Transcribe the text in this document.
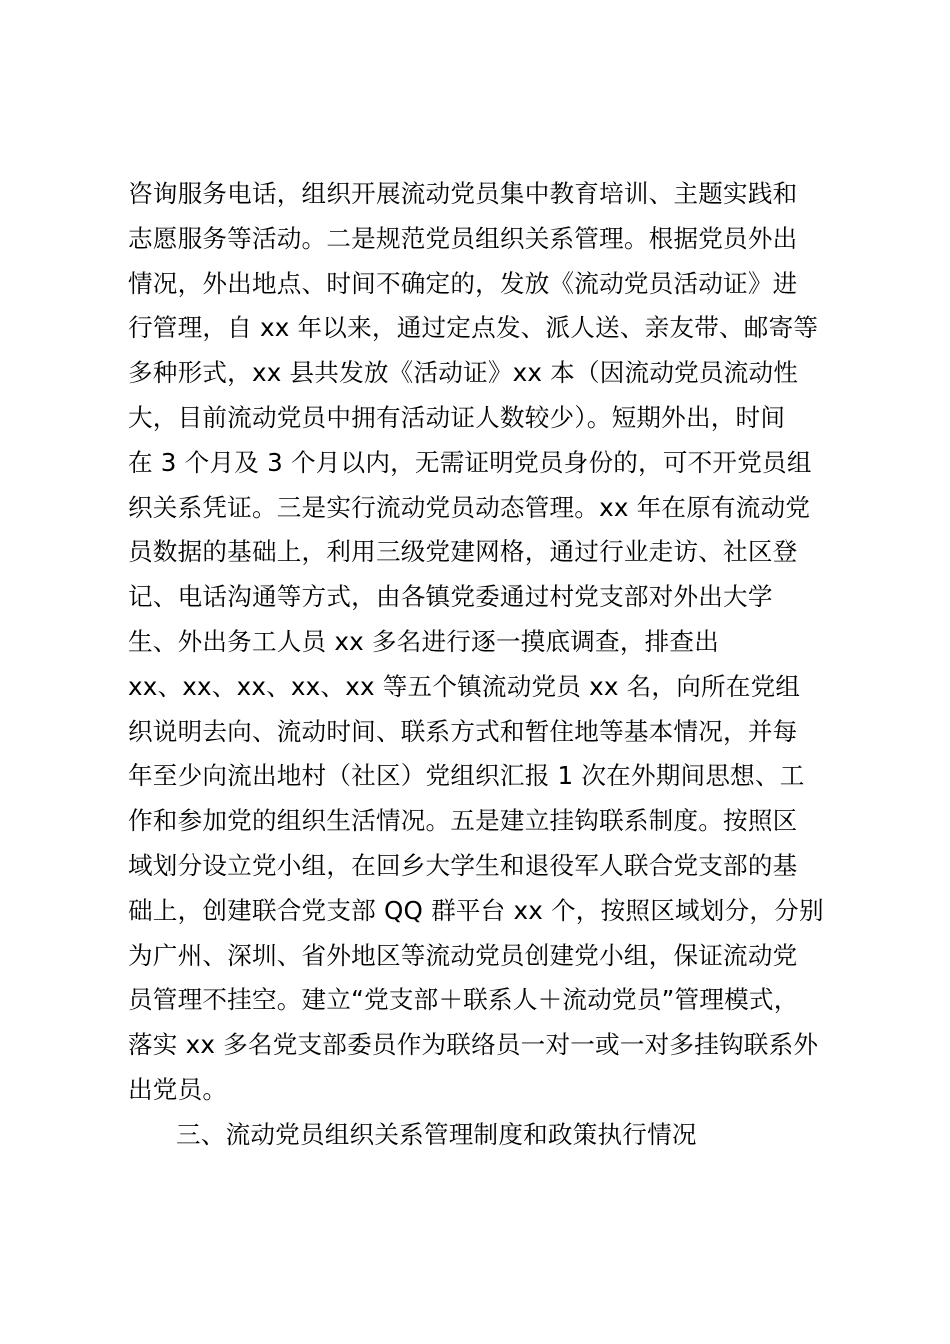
咨询服务电话，组织开展流动党员集中教育培训、主题实践和
志愿服务等活动。二是规范党员组织关系管理。根据党员外出
情况，外出地点、时间不确定的，发放《流动党员活动证》进
行管理，自 xx 年以来，通过定点发、派人送、亲友带、邮寄等
多种形式，xx 县共发放《活动证》xx 本（因流动党员流动性
大，目前流动党员中拥有活动证人数较少）。短期外出，时间
在 3 个月及 3 个月以内，无需证明党员身份的，可不开党员组
织关系凭证。三是实行流动党员动态管理。xx 年在原有流动党
员数据的基础上，利用三级党建网格，通过行业走访、社区登
记、电话沟通等方式，由各镇党委通过村党支部对外出大学
生、外出务工人员 xx 多名进行逐一摸底调查，排查出
xx、xx、xx、xx、xx 等五个镇流动党员 xx 名，向所在党组
织说明去向、流动时间、联系方式和暂住地等基本情况，并每
年至少向流出地村（社区）党组织汇报 1 次在外期间思想、工
作和参加党的组织生活情况。五是建立挂钩联系制度。按照区
域划分设立党小组，在回乡大学生和退役军人联合党支部的基
础上，创建联合党支部 QQ 群平台 xx 个，按照区域划分，分别
为广州、深圳、省外地区等流动党员创建党小组，保证流动党
员管理不挂空。建立“党支部＋联系人＋流动党员”管理模式，
落实 xx 多名党支部委员作为联络员一对一或一对多挂钩联系外
出党员。
三、流动党员组织关系管理制度和政策执行情况
